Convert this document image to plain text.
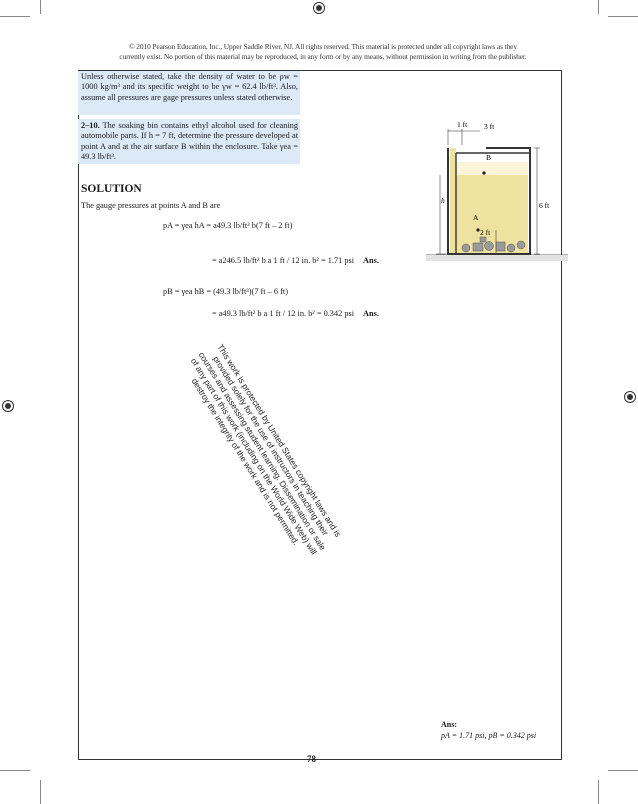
© 2010 Pearson Education, Inc., Upper Saddle River, NJ. All rights reserved. This material is protected under all copyright laws as they
currently exist. No portion of this material may be reproduced, in any form or by any means, without permission in writing from the publisher.
Unless otherwise stated, take the density of water to be ρw = 1000 kg/m³ and its specific weight to be γw = 62.4 lb/ft³. Also, assume all pressures are gage pressures unless stated otherwise.
2–10. The soaking bin contains ethyl alcohol used for cleaning automobile parts. If h = 7 ft, determine the pressure developed at point A and at the air surface B within the enclosure. Take γea = 49.3 lb/ft³.
SOLUTION
The gauge pressures at points A and B are
pA = γea hA = a49.3 lb/ft³ b(7 ft – 2 ft)
= a246.5 lb/ft² b a 1 ft / 12 in. b² = 1.71 psi Ans.
pB = γea hB = (49.3 lb/ft³)(7 ft – 6 ft)
= a49.3 lb/ft² b a 1 ft / 12 in. b² = 0.342 psi Ans.
B
A
1 ft 3 ft
6 ft
h
2 ft
This work is protected by United States copyright laws and is provided solely for the use of instructors in teaching their courses and assessing student learning. Dissemination or sale of any part of this work (including on the World Wide Web) will destroy the integrity of the work and is not permitted.
Ans:
pA = 1.71 psi, pB = 0.342 psi
78
